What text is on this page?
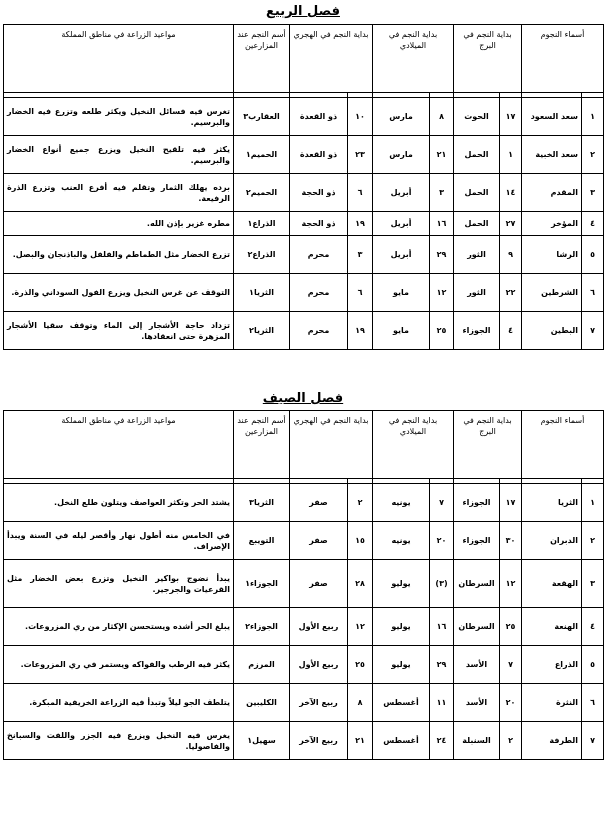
فصل الربيع
أسماء النجوم		بداية النجم في البرج		بداية النجم في الميلادي		بداية النجم في الهجري		أسم النجم عند المزارعين	مواعيد الزراعة في مناطق المملكة

١	سعد السعود	١٧	الحوت	٨	مارس	١٠	ذو القعدة	العقارب٣	تغرس فيه فسائل النخيل ويكثر طلعه وتزرع فيه الخضار والبرسيم.
٢	سعد الخبية	١	الحمل	٢١	مارس	٢٣	ذو القعدة	الحميم١	يكثر فيه تلقيح النخيل ويزرع جميع أنواع الخضار والبرسيم.
٣	المقدم	١٤	الحمل	٣	أبريل	٦	ذو الحجة	الحميم٢	برده يهلك الثمار وتقلم فيه أفرع العنب وتزرع الذرة الرفيعة.
٤	المؤخر	٢٧	الحمل	١٦	أبريل	١٩	ذو الحجة	الذراع١	مطره غزير بإذن الله.
٥	الرشا	٩	الثور	٢٩	أبريل	٣	محرم	الذراع٢	تزرع الخضار مثل الطماطم والفلفل والباذنجان والبصل.
٦	الشرطين	٢٢	الثور	١٢	مايو	٦	محرم	الثريا١	التوقف عن غرس النخيل ويزرع الفول السوداني والذرة.
٧	البطين	٤	الجوزاء	٢٥	مايو	١٩	محرم	الثريا٢	تزداد حاجة الأشجار إلى الماء وتوقف سقيا الأشجار المزهرة حتى انعقادها.
فصل الصيف
أسماء النجوم		بداية النجم في البرج		بداية النجم في الميلادي		بداية النجم في الهجري		أسم النجم عند المزارعين	مواعيد الزراعة في مناطق المملكة

١	الثريا	١٧	الجوزاء	٧	يونيه	٢	صفر	الثريا٣	يشتد الحر وتكثر العواصف ويتلون طلع النخل.
٢	الدبران	٣٠	الجوزاء	٢٠	يونيه	١٥	صفر	التويبع	في الخامس منه أطول نهار وأقصر ليله في السنة ويبدأ الإصراف.
٣	الهقعة	١٢	السرطان	(٣)	يوليو	٢٨	صفر	الجوزاء١	يبدأ نضوج بواكير النخيل وتزرع بعض الخضار مثل القرعيات والجرجير.
٤	الهنعة	٢٥	السرطان	١٦	يوليو	١٢	ربيع الأول	الجوزاء٢	يبلغ الحر أشده ويستحسن الإكثار من ري المزروعات.
٥	الذراع	٧	الأسد	٢٩	يوليو	٢٥	ربيع الأول	المرزم	يكثر فيه الرطب والفواكه ويستمر في ري المزروعات.
٦	النثرة	٢٠	الأسد	١١	أغسطس	٨	ربيع الآخر	الكليبين	يتلطف الجو ليلاً وتبدأ فيه الزراعة الخريفية المبكرة.
٧	الطرفة	٢	السنبلة	٢٤	أغسطس	٢١	ربيع الآخر	سهيل١	يغرس فيه النخيل ويزرع فيه الجزر واللفت والسبانخ والفاصوليا.
